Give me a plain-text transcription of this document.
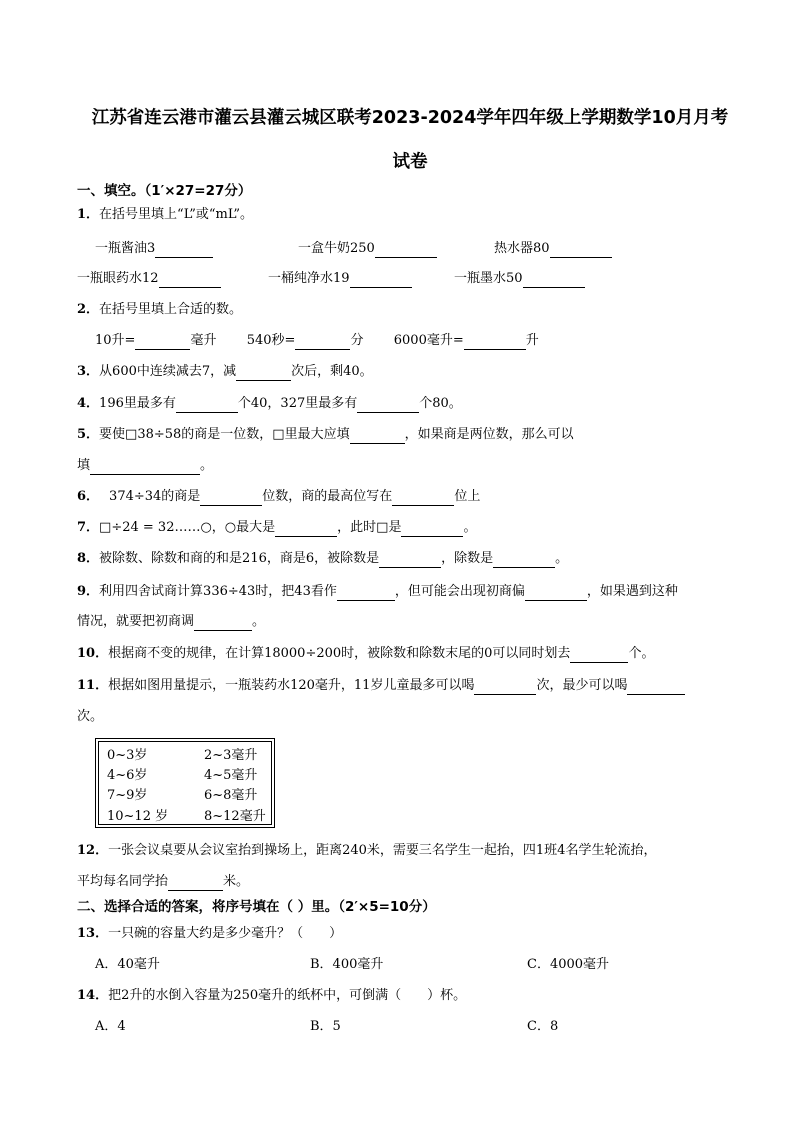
江苏省连云港市灌云县灌云城区联考2023-2024学年四年级上学期数学10月月考
试卷
一、填空。（1′×27=27分）
1．在括号里填上“L”或“mL”。
一瓶酱油3	一盒牛奶250	热水器80
一瓶眼药水12	一桶纯净水19	一瓶墨水50
2．在括号里填上合适的数。
10升=	毫升 540秒=	分 6000毫升=	升
3．从600中连续减去7，减	次后，剩40。
4．196里最多有	个40，327里最多有	个80。
5．要使□38÷58的商是一位数，□里最大应填	，如果商是两位数，那么可以
填	。
6． 374÷34的商是	位数，商的最高位写在	位上
7．□÷24 = 32……○，○最大是	，此时□是	。
8．被除数、除数和商的和是216，商是6，被除数是	，除数是	。
9．利用四舍试商计算336÷43时，把43看作	，但可能会出现初商偏	，如果遇到这种
情况，就要把初商调	。
10．根据商不变的规律，在计算18000÷200时，被除数和除数末尾的0可以同时划去	个。
11．根据如图用量提示，一瓶装药水120毫升，11岁儿童最多可以喝	次，最少可以喝
次。
0~3岁	2~3毫升
4~6岁	4~5毫升
7~9岁	6~8毫升
10~12 岁	8~12毫升
12．一张会议桌要从会议室抬到操场上，距离240米，需要三名学生一起抬，四1班4名学生轮流抬，
平均每名同学抬	米。
二、选择合适的答案，将序号填在（ ）里。（2′×5=10分）
13．一只碗的容量大约是多少毫升？（　　）
A．40毫升	B．400毫升	C．4000毫升
14．把2升的水倒入容量为250毫升的纸杯中，可倒满（　　）杯。
A．4	B．5	C．8
